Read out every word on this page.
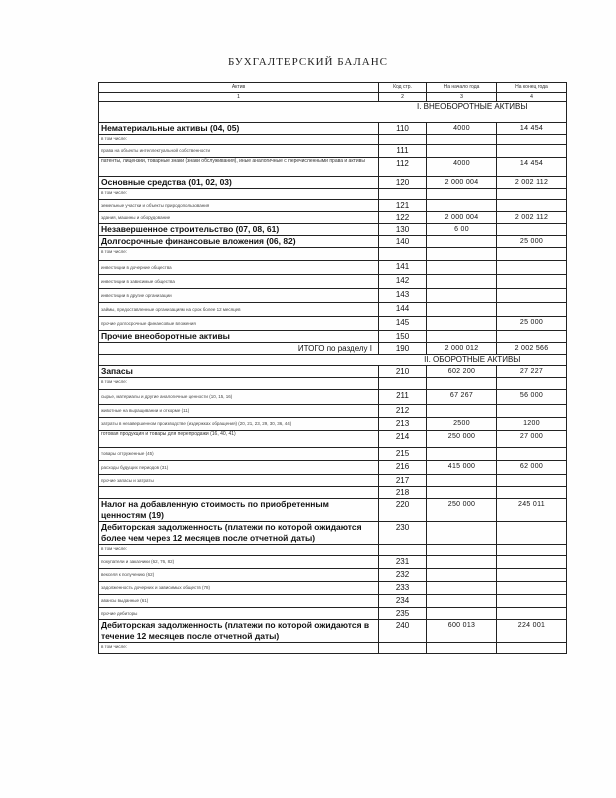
БУХГАЛТЕРСКИЙ БАЛАНС
Актив	Код стр.	На начало года	На конец года
1	2	3	4
	I. ВНЕОБОРОТНЫЕ АКТИВЫ		
Нематериальные активы (04, 05)	110	4000	14 454
в том числе:			
права на объекты интеллектуальной собственности	111		
патенты, лицензии, товарные знаки (знаки обслуживания), иные аналогичные с перечисленными права и активы	112	4000	14 454
Основные средства (01, 02, 03)	120	2 000 004	2 002 112
в том числе:			
земельные участки и объекты природопользования	121		
здания, машины и оборудование	122	2 000 004	2 002 112
Незавершенное строительство (07, 08, 61)	130	6 00	
Долгосрочные финансовые вложения (06, 82)	140		25 000
в том числе:			
инвестиции в дочерние общества	141		
инвестиции в зависимые общества	142		
инвестиции в другие организации	143		
займы, предоставленные организациям на срок более 12 месяцев	144		
прочие долгосрочные финансовые вложения	145		25 000
Прочие внеоборотные активы	150		
ИТОГО по разделу I	190	2 000 012	2 002 566
	II. ОБОРОТНЫЕ АКТИВЫ		
Запасы	210	602 200	27 227
в том числе:			
сырье, материалы и другие аналогичные ценности (10, 15, 16)	211	67 267	56 000
животные на выращивании и откорме (11)	212		
затраты в незавершенном производстве (издержках обращения) (20, 21, 23, 29, 30, 36, 44)	213	2500	1200
готовая продукция и товары для перепродажи (16, 40, 41)	214	250 000	27 000
товары отгруженные (45)	215		
расходы будущих периодов (31)	216	415 000	62 000
прочие запасы и затраты	217		
	218		
Налог на добавленную стоимость по приобретенным ценностям (19)	220	250 000	245 011
Дебиторская задолженность (платежи по которой ожидаются более чем через 12 месяцев после отчетной даты)	230		
в том числе:			
покупатели и заказчики (62, 76, 82)	231		
векселя к получению (62)	232		
задолженность дочерних и зависимых обществ (78)	233		
авансы выданные (61)	234		
прочие дебиторы	235		
Дебиторская задолженность (платежи по которой ожидаются в течение 12 месяцев после отчетной даты)	240	600 013	224 001
в том числе:			
